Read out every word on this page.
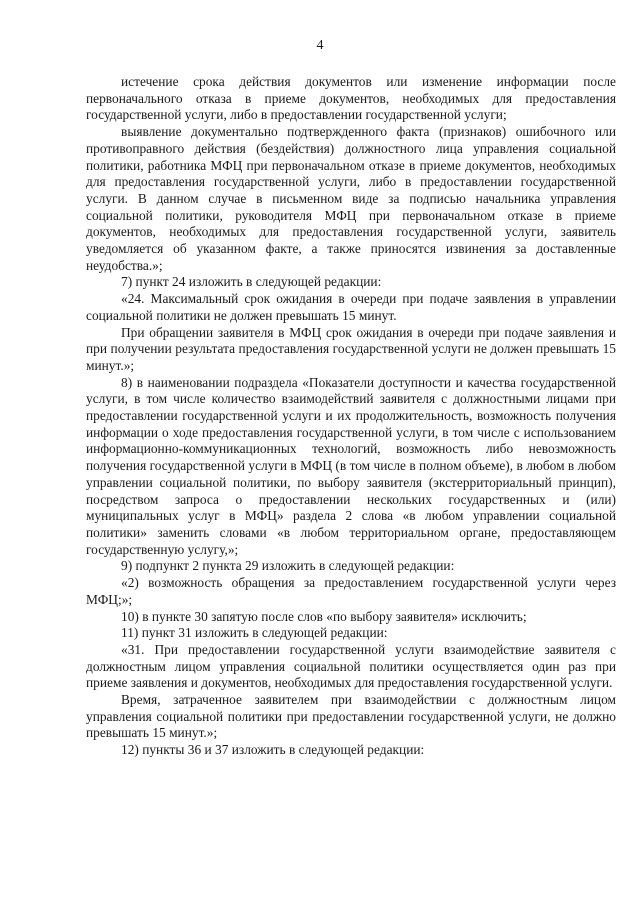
4

истечение срока действия документов или изменение информации после первоначального отказа в приеме документов, необходимых для предоставления государственной услуги, либо в предоставлении государственной услуги;

выявление документально подтвержденного факта (признаков) ошибочного или противоправного действия (бездействия) должностного лица управления социальной политики, работника МФЦ при первоначальном отказе в приеме документов, необходимых для предоставления государственной услуги, либо в предоставлении государственной услуги. В данном случае в письменном виде за подписью начальника управления социальной политики, руководителя МФЦ при первоначальном отказе в приеме документов, необходимых для предоставления государственной услуги, заявитель уведомляется об указанном факте, а также приносятся извинения за доставленные неудобства.»;

7) пункт 24 изложить в следующей редакции:

«24. Максимальный срок ожидания в очереди при подаче заявления в управлении социальной политики не должен превышать 15 минут.

При обращении заявителя в МФЦ срок ожидания в очереди при подаче заявления и при получении результата предоставления государственной услуги не должен превышать 15 минут.»;

8) в наименовании подраздела «Показатели доступности и качества государственной услуги, в том числе количество взаимодействий заявителя с должностными лицами при предоставлении государственной услуги и их продолжительность, возможность получения информации о ходе предоставления государственной услуги, в том числе с использованием информационно-коммуникационных технологий, возможность либо невозможность получения государственной услуги в МФЦ (в том числе в полном объеме), в любом в любом управлении социальной политики, по выбору заявителя (экстерриториальный принцип), посредством запроса о предоставлении нескольких государственных и (или) муниципальных услуг в МФЦ» раздела 2 слова «в любом управлении социальной политики» заменить словами «в любом территориальном органе, предоставляющем государственную услугу,»;

9) подпункт 2 пункта 29 изложить в следующей редакции:

«2) возможность обращения за предоставлением государственной услуги через МФЦ;»;

10) в пункте 30 запятую после слов «по выбору заявителя» исключить;

11) пункт 31 изложить в следующей редакции:

«31. При предоставлении государственной услуги взаимодействие заявителя с должностным лицом управления социальной политики осуществляется один раз при приеме заявления и документов, необходимых для предоставления государственной услуги.

Время, затраченное заявителем при взаимодействии с должностным лицом управления социальной политики при предоставлении государственной услуги, не должно превышать 15 минут.»;

12) пункты 36 и 37 изложить в следующей редакции:
